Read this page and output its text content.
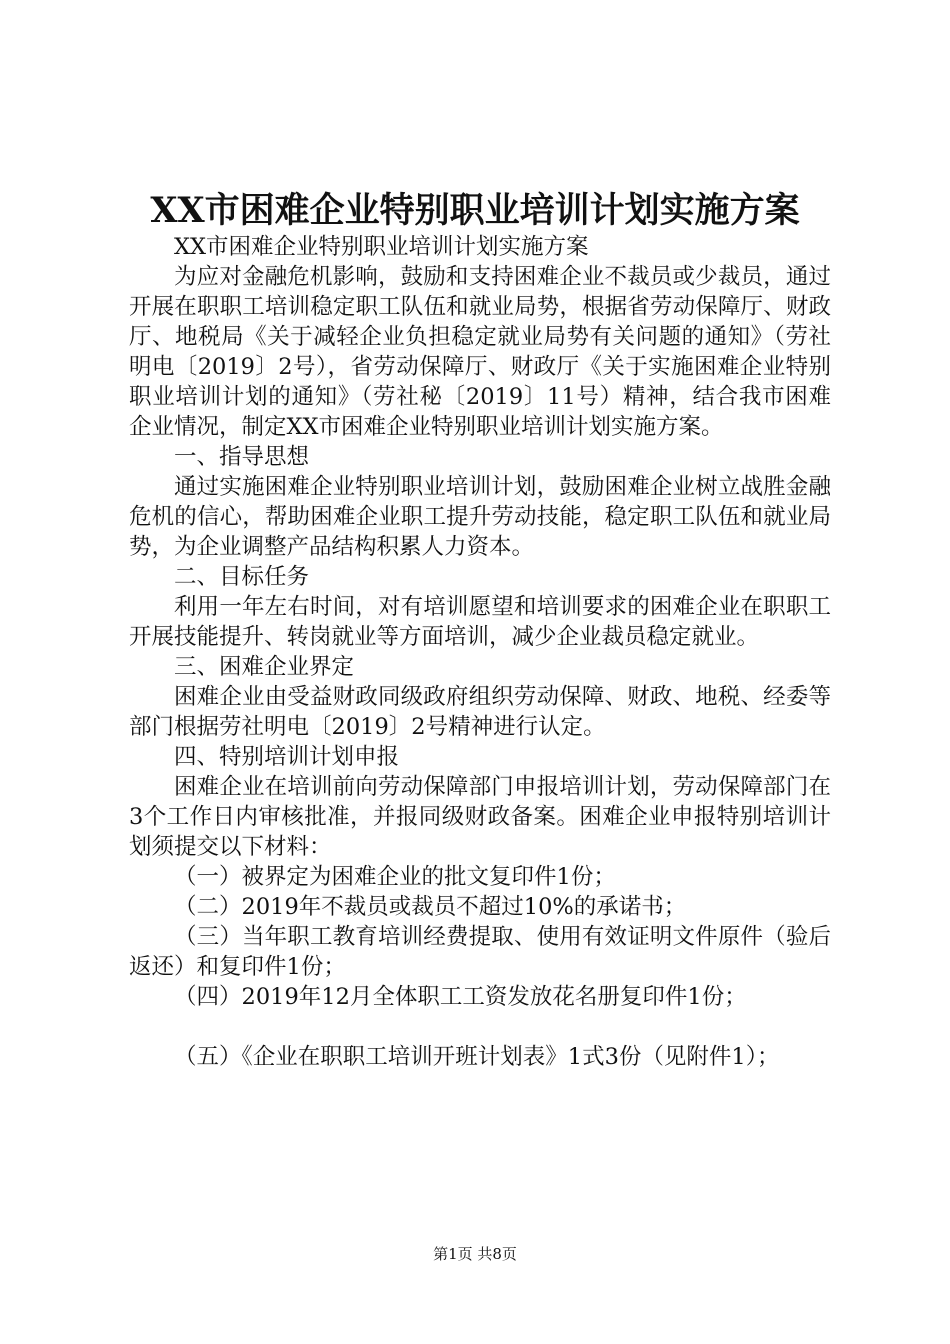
XX市困难企业特别职业培训计划实施方案

XX市困难企业特别职业培训计划实施方案

为应对金融危机影响，鼓励和支持困难企业不裁员或少裁员，通过开展在职职工培训稳定职工队伍和就业局势，根据省劳动保障厅、财政厅、地税局《关于减轻企业负担稳定就业局势有关问题的通知》（劳社明电〔2019〕2号），省劳动保障厅、财政厅《关于实施困难企业特别职业培训计划的通知》（劳社秘〔2019〕11号）精神，结合我市困难企业情况，制定XX市困难企业特别职业培训计划实施方案。

一、指导思想

通过实施困难企业特别职业培训计划，鼓励困难企业树立战胜金融危机的信心，帮助困难企业职工提升劳动技能，稳定职工队伍和就业局势，为企业调整产品结构积累人力资本。

二、目标任务

利用一年左右时间，对有培训愿望和培训要求的困难企业在职职工开展技能提升、转岗就业等方面培训，减少企业裁员稳定就业。

三、困难企业界定

困难企业由受益财政同级政府组织劳动保障、财政、地税、经委等部门根据劳社明电〔2019〕2号精神进行认定。

四、特别培训计划申报

困难企业在培训前向劳动保障部门申报培训计划，劳动保障部门在3个工作日内审核批准，并报同级财政备案。困难企业申报特别培训计划须提交以下材料：

（一）被界定为困难企业的批文复印件1份；

（二）2019年不裁员或裁员不超过10%的承诺书；

（三）当年职工教育培训经费提取、使用有效证明文件原件（验后返还）和复印件1份；

（四）2019年12月全体职工工资发放花名册复印件1份；

（五）《企业在职职工培训开班计划表》1式3份（见附件1）；

第1页 共8页
